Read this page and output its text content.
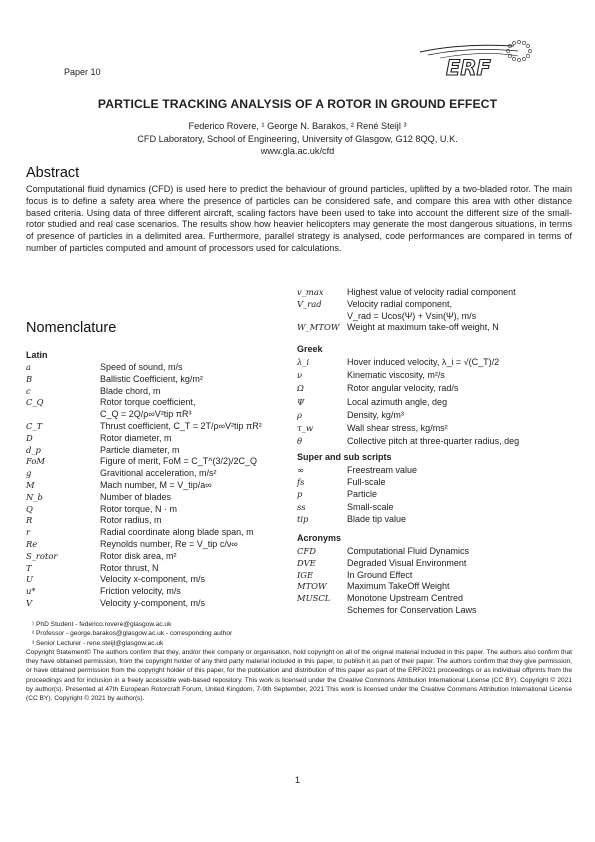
Paper 10	ERF
PARTICLE TRACKING ANALYSIS OF A ROTOR IN GROUND EFFECT
Federico Rovere, ¹ George N. Barakos, ² René Steijl ³
CFD Laboratory, School of Engineering, University of Glasgow, G12 8QQ, U.K.
www.gla.ac.uk/cfd
Abstract
Computational fluid dynamics (CFD) is used here to predict the behaviour of ground particles, uplifted by a two-bladed rotor. The main focus is to define a safety area where the presence of particles can be considered safe, and compare this area with other distance based criteria. Using data of three different aircraft, scaling factors have been used to take into account the different size of the small-rotor studied and real case scenarios. The results show how heavier helicopters may generate the most dangerous situations, in terms of presence of particles in a delimited area. Furthermore, parallel strategy is analysed, code performances are compared in terms of number of particles computed and amount of processors used for calculations.
Nomenclature
Latin
a	Speed of sound, m/s
B	Ballistic Coefficient, kg/m²
c	Blade chord, m
C_Q	Rotor torque coefficient,
C_Q = 2Q/ρ∞V²tip πR³
C_T	Thrust coefficient, C_T = 2T/ρ∞V²tip πR²
D	Rotor diameter, m
d_p	Particle diameter, m
FoM	Figure of merit, FoM = C_T^(3/2)/2C_Q
g	Gravitional acceleration, m/s²
M	Mach number, M = V_tip/a∞
N_b	Number of blades
Q	Rotor torque, N · m
R	Rotor radius, m
r	Radial coordinate along blade span, m
Re	Reynolds number, Re = V_tip c/ν∞
S_rotor	Rotor disk area, m²
T	Rotor thrust, N
U	Velocity x-component, m/s
u*	Friction velocity, m/s
V	Velocity y-component, m/s
v_max	Highest value of velocity radial component
V_rad	Velocity radial component,
V_rad = Ucos(Ψ) + Vsin(Ψ), m/s
W_MTOW Weight at maximum take-off weight, N
Greek
λ_i	Hover induced velocity, λ_i = √(C_T)/2
ν	Kinematic viscosity, m²/s
Ω	Rotor angular velocity, rad/s
Ψ	Local azimuth angle, deg
ρ	Density, kg/m³
τ_w	Wall shear stress, kg/ms²
θ	Collective pitch at three-quarter radius, deg
Super and sub scripts
∞	Freestream value
fs	Full-scale
p	Particle
ss	Small-scale
tip	Blade tip value
Acronyms
CFD	Computational Fluid Dynamics
DVE	Degraded Visual Environment
IGE	In Ground Effect
MTOW Maximum TakeOff Weight
MUSCL Monotone Upstream Centred
Schemes for Conservation Laws
¹ PhD Student - federico.rovere@glasgow.ac.uk
² Professor - george.barakos@glasgow.ac.uk - corresponding author
³ Senior Lecturer - rene.steijl@glasgow.ac.uk
Copyright Statement© The authors confirm that they, and/or their company or organisation, hold copyright on all of the original material included in this paper. The authors also confirm that they have obtained permission, from the copyright holder of any third party material included in this paper, to publish it as part of their paper. The authors confirm that they give permission, or have obtained permission from the copyright holder of this paper, for the publication and distribution of this paper as part of the ERF2021 proceedings or as individual offprints from the proceedings and for inclusion in a freely accessible web-based repository. This work is licensed under the Creative Commons Attribution International License (CC BY). Copyright © 2021 by author(s). Presented at 47th European Rotorcraft Forum, United Kingdom, 7-9th September, 2021 This work is licensed under the Creative Commons Attribution International License (CC BY). Copyright © 2021 by author(s).
1
